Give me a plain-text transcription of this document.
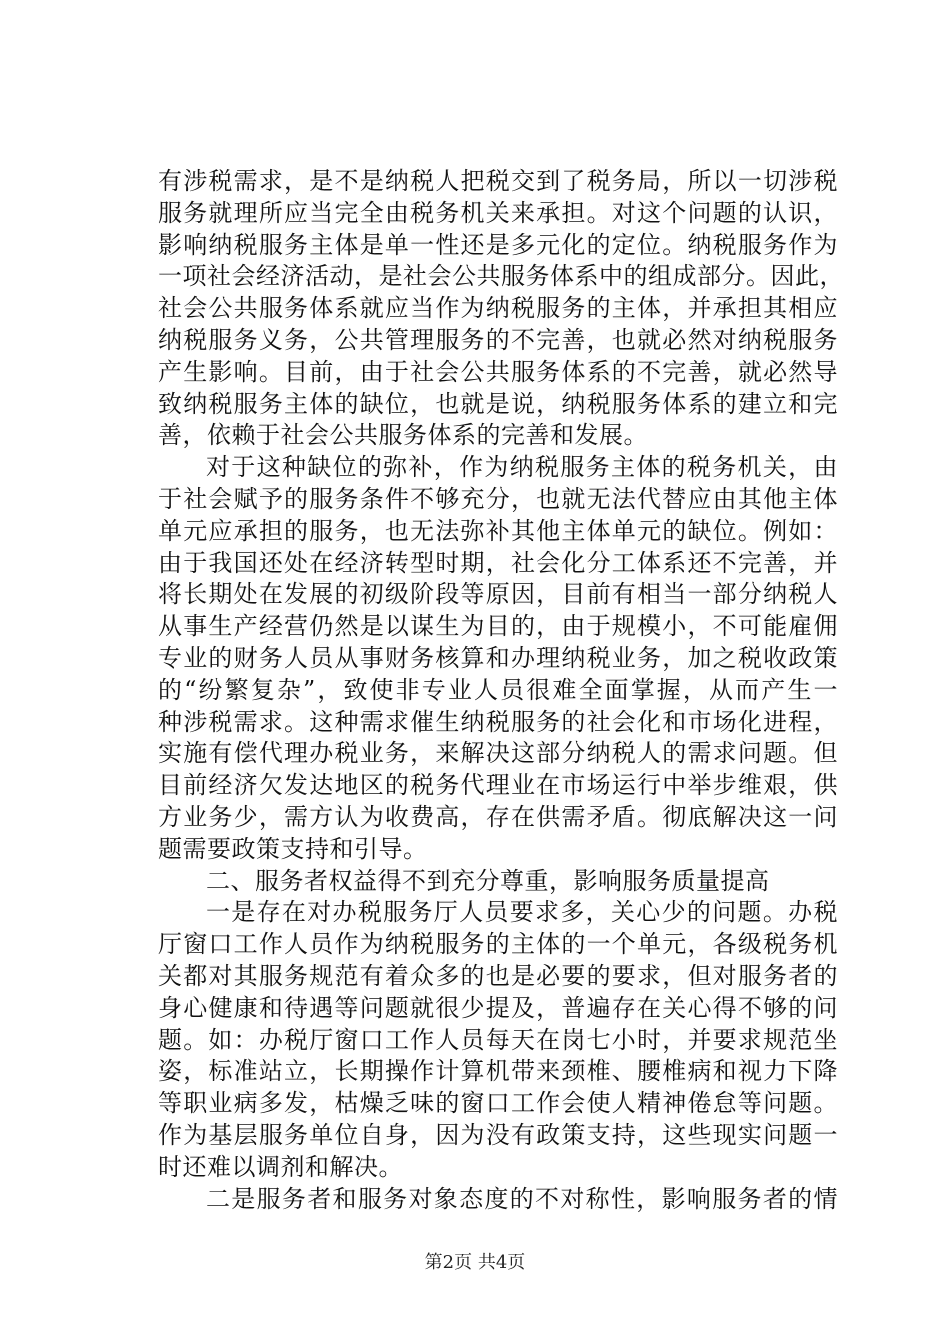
有涉税需求，是不是纳税人把税交到了税务局，所以一切涉税
服务就理所应当完全由税务机关来承担。对这个问题的认识，
影响纳税服务主体是单一性还是多元化的定位。纳税服务作为
一项社会经济活动，是社会公共服务体系中的组成部分。因此，
社会公共服务体系就应当作为纳税服务的主体，并承担其相应
纳税服务义务，公共管理服务的不完善，也就必然对纳税服务
产生影响。目前，由于社会公共服务体系的不完善，就必然导
致纳税服务主体的缺位，也就是说，纳税服务体系的建立和完
善，依赖于社会公共服务体系的完善和发展。
对于这种缺位的弥补，作为纳税服务主体的税务机关，由
于社会赋予的服务条件不够充分，也就无法代替应由其他主体
单元应承担的服务，也无法弥补其他主体单元的缺位。例如：
由于我国还处在经济转型时期，社会化分工体系还不完善，并
将长期处在发展的初级阶段等原因，目前有相当一部分纳税人
从事生产经营仍然是以谋生为目的，由于规模小，不可能雇佣
专业的财务人员从事财务核算和办理纳税业务，加之税收政策
的“纷繁复杂”，致使非专业人员很难全面掌握，从而产生一
种涉税需求。这种需求催生纳税服务的社会化和市场化进程，
实施有偿代理办税业务，来解决这部分纳税人的需求问题。但
目前经济欠发达地区的税务代理业在市场运行中举步维艰，供
方业务少，需方认为收费高，存在供需矛盾。彻底解决这一问
题需要政策支持和引导。
二、服务者权益得不到充分尊重，影响服务质量提高
一是存在对办税服务厅人员要求多，关心少的问题。办税
厅窗口工作人员作为纳税服务的主体的一个单元，各级税务机
关都对其服务规范有着众多的也是必要的要求，但对服务者的
身心健康和待遇等问题就很少提及，普遍存在关心得不够的问
题。如：办税厅窗口工作人员每天在岗七小时，并要求规范坐
姿，标准站立，长期操作计算机带来颈椎、腰椎病和视力下降
等职业病多发，枯燥乏味的窗口工作会使人精神倦怠等问题。
作为基层服务单位自身，因为没有政策支持，这些现实问题一
时还难以调剂和解决。
二是服务者和服务对象态度的不对称性，影响服务者的情
第2页 共4页
